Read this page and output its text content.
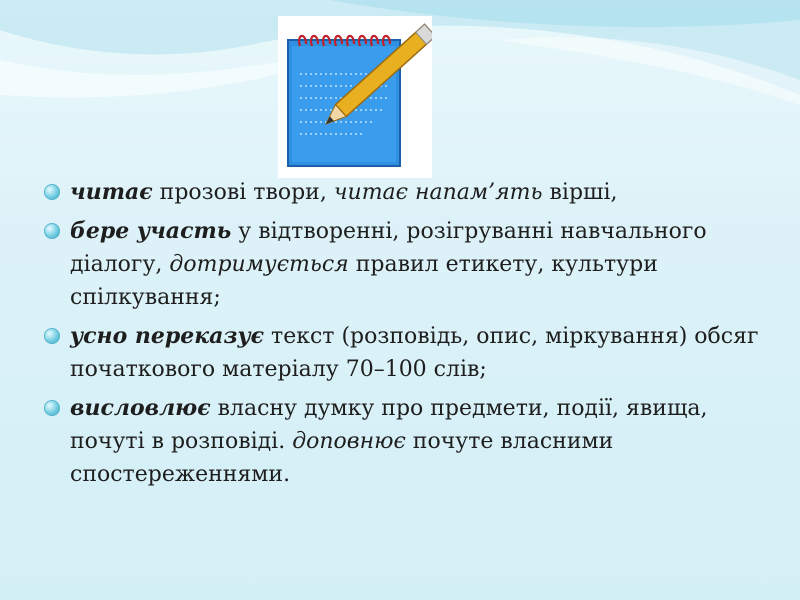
читає прозові твори, читає напам’ять вірші,
бере участь у відтворенні, розігруванні навчального діалогу, дотримується правил етикету, культури спілкування;
усно переказує текст (розповідь, опис, міркування) обсяг початкового матеріалу 70–100 слів;
висловлює власну думку про предмети, події, явища, почуті в розповіді. доповнює почуте власними спостереженнями.
